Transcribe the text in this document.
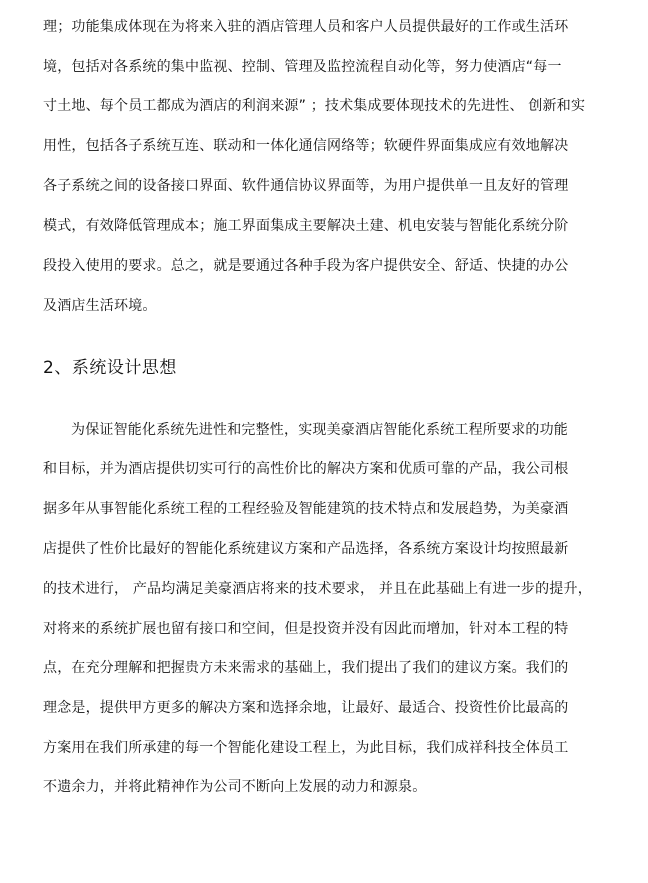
理；功能集成体现在为将来入驻的酒店管理人员和客户人员提供最好的工作或生活环
境，包括对各系统的集中监视、控制、管理及监控流程自动化等，努力使酒店“每一
寸土地、每个员工都成为酒店的利润来源” ；技术集成要体现技术的先进性、 创新和实
用性，包括各子系统互连、联动和一体化通信网络等；软硬件界面集成应有效地解决
各子系统之间的设备接口界面、软件通信协议界面等，为用户提供单一且友好的管理
模式，有效降低管理成本；施工界面集成主要解决土建、机电安装与智能化系统分阶
段投入使用的要求。总之，就是要通过各种手段为客户提供安全、舒适、快捷的办公
及酒店生活环境。
2、系统设计思想
为保证智能化系统先进性和完整性，实现美豪酒店智能化系统工程所要求的功能
和目标，并为酒店提供切实可行的高性价比的解决方案和优质可靠的产品，我公司根
据多年从事智能化系统工程的工程经验及智能建筑的技术特点和发展趋势，为美豪酒
店提供了性价比最好的智能化系统建议方案和产品选择，各系统方案设计均按照最新
的技术进行， 产品均满足美豪酒店将来的技术要求， 并且在此基础上有进一步的提升，
对将来的系统扩展也留有接口和空间，但是投资并没有因此而增加，针对本工程的特
点，在充分理解和把握贵方未来需求的基础上，我们提出了我们的建议方案。我们的
理念是，提供甲方更多的解决方案和选择余地，让最好、最适合、投资性价比最高的
方案用在我们所承建的每一个智能化建设工程上，为此目标，我们成祥科技全体员工
不遗余力，并将此精神作为公司不断向上发展的动力和源泉。
